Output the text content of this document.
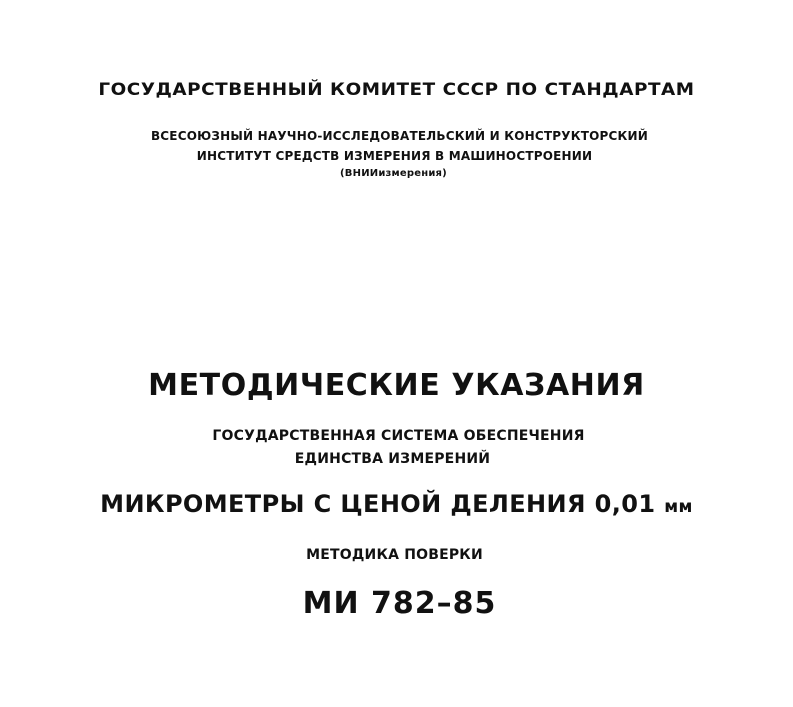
ГОСУДАРСТВЕННЫЙ КОМИТЕТ СССР ПО СТАНДАРТАМ
ВСЕСОЮЗНЫЙ НАУЧНО-ИССЛЕДОВАТЕЛЬСКИЙ И КОНСТРУКТОРСКИЙ
ИНСТИТУТ СРЕДСТВ ИЗМЕРЕНИЯ В МАШИНОСТРОЕНИИ
(ВНИИизмерения)
МЕТОДИЧЕСКИЕ УКАЗАНИЯ
ГОСУДАРСТВЕННАЯ СИСТЕМА ОБЕСПЕЧЕНИЯ
ЕДИНСТВА ИЗМЕРЕНИЙ
МИКРОМЕТРЫ С ЦЕНОЙ ДЕЛЕНИЯ 0,01 мм
МЕТОДИКА ПОВЕРКИ
МИ 782–85
